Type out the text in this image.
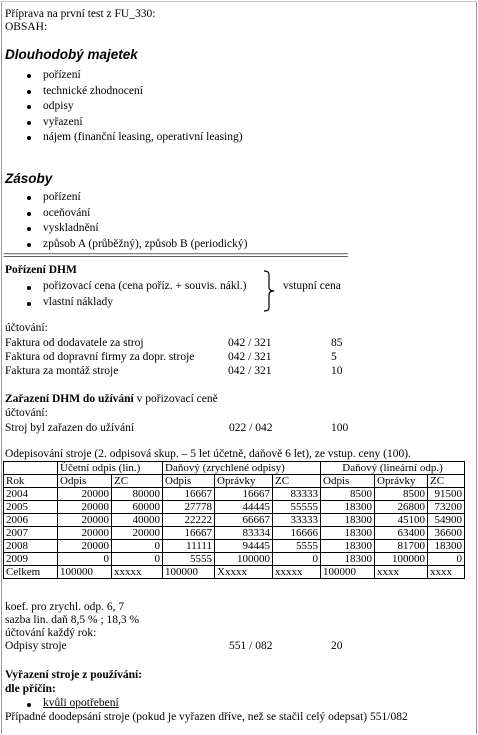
Příprava na první test z FU_330:
OBSAH:
Dlouhodobý majetek
pořízení
technické zhodnocení
odpisy
vyřazení
nájem (finanční leasing, operativní leasing)
Zásoby
pořízení
oceňování
vyskladnění
způsob A (průběžný), způsob B (periodický)
==================================================================================
Pořízení DHM
pořizovací cena (cena poříz. + souvis. nákl.)
vlastní náklady
vstupní cena
účtování:
Faktura od dodavatele za stroj	042 / 321	85
Faktura od dopravní firmy za dopr. stroje	042 / 321	5
Faktura za montáž stroje	042 / 321	10
Zařazení DHM do užívání v pořizovací ceně
účtování:
Stroj byl zařazen do užívání	022 / 042	100
Odepisování stroje (2. odpisová skup. – 5 let účetně, daňově 6 let), ze vstup. ceny (100).
	Účetní odpis (lin.)		Daňový (zrychlené odpisy)			Daňový (lineární odp.)		
Rok	Odpis	ZC	Odpis	Oprávky	ZC	Odpis	Oprávky	ZC
2004	20000	80000	16667	16667	83333	8500	8500	91500
2005	20000	60000	27778	44445	55555	18300	26800	73200
2006	20000	40000	22222	66667	33333	18300	45100	54900
2007	20000	20000	16667	83334	16666	18300	63400	36600
2008	20000	0	11111	94445	5555	18300	81700	18300
2009	0	0	5555	100000	0	18300	100000	0
Celkem	100000	xxxxx	100000	Xxxxx	xxxxx	100000	xxxx	xxxx
koef. pro zrychl. odp. 6, 7
sazba lin. daň 8,5 % ; 18,3 %
účtování každý rok:
Odpisy stroje	551 / 082	20
Vyřazení stroje z používání:
dle příčin:
kvůli opotřebení
Případné doodepsání stroje (pokud je vyřazen dříve, než se stačil celý odepsat) 551/082
